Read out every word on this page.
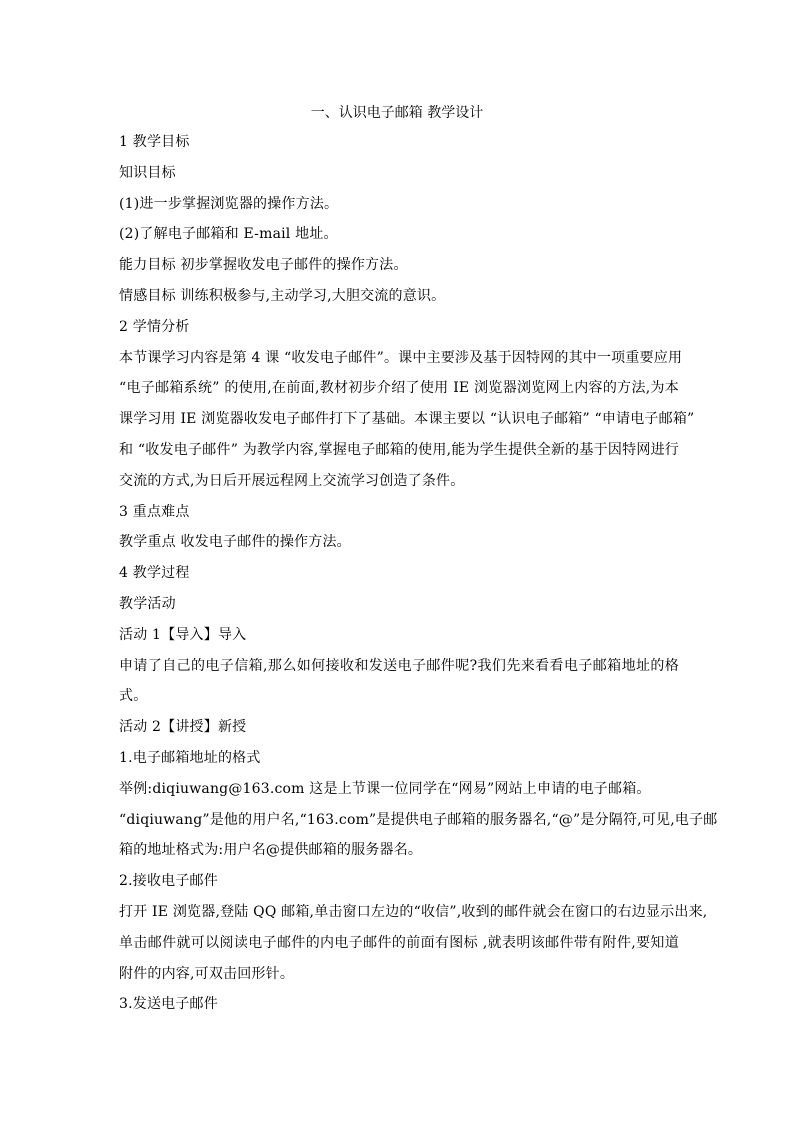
一、认识电子邮箱 教学设计
1 教学目标
知识目标
(1)进一步掌握浏览器的操作方法。
(2)了解电子邮箱和 E-mail 地址。
能力目标 初步掌握收发电子邮件的操作方法。
情感目标 训练积极参与,主动学习,大胆交流的意识。
2 学情分析
本节课学习内容是第 4 课 “收发电子邮件”。课中主要涉及基于因特网的其中一项重要应用
“电子邮箱系统” 的使用,在前面,教材初步介绍了使用 IE 浏览器浏览网上内容的方法,为本
课学习用 IE 浏览器收发电子邮件打下了基础。本课主要以 “认识电子邮箱” “申请电子邮箱”
和 “收发电子邮件” 为教学内容,掌握电子邮箱的使用,能为学生提供全新的基于因特网进行
交流的方式,为日后开展远程网上交流学习创造了条件。
3 重点难点
教学重点 收发电子邮件的操作方法。
4 教学过程
教学活动
活动 1【导入】导入
申请了自己的电子信箱,那么如何接收和发送电子邮件呢?我们先来看看电子邮箱地址的格
式。
活动 2【讲授】新授
1.电子邮箱地址的格式
举例:diqiuwang@163.com 这是上节课一位同学在“网易”网站上申请的电子邮箱。
“diqiuwang”是他的用户名,“163.com”是提供电子邮箱的服务器名,“@”是分隔符,可见,电子邮
箱的地址格式为:用户名@提供邮箱的服务器名。
2.接收电子邮件
打开 IE 浏览器,登陆 QQ 邮箱,单击窗口左边的“收信”,收到的邮件就会在窗口的右边显示出来,
单击邮件就可以阅读电子邮件的内电子邮件的前面有图标 ,就表明该邮件带有附件,要知道
附件的内容,可双击回形针。
3.发送电子邮件
